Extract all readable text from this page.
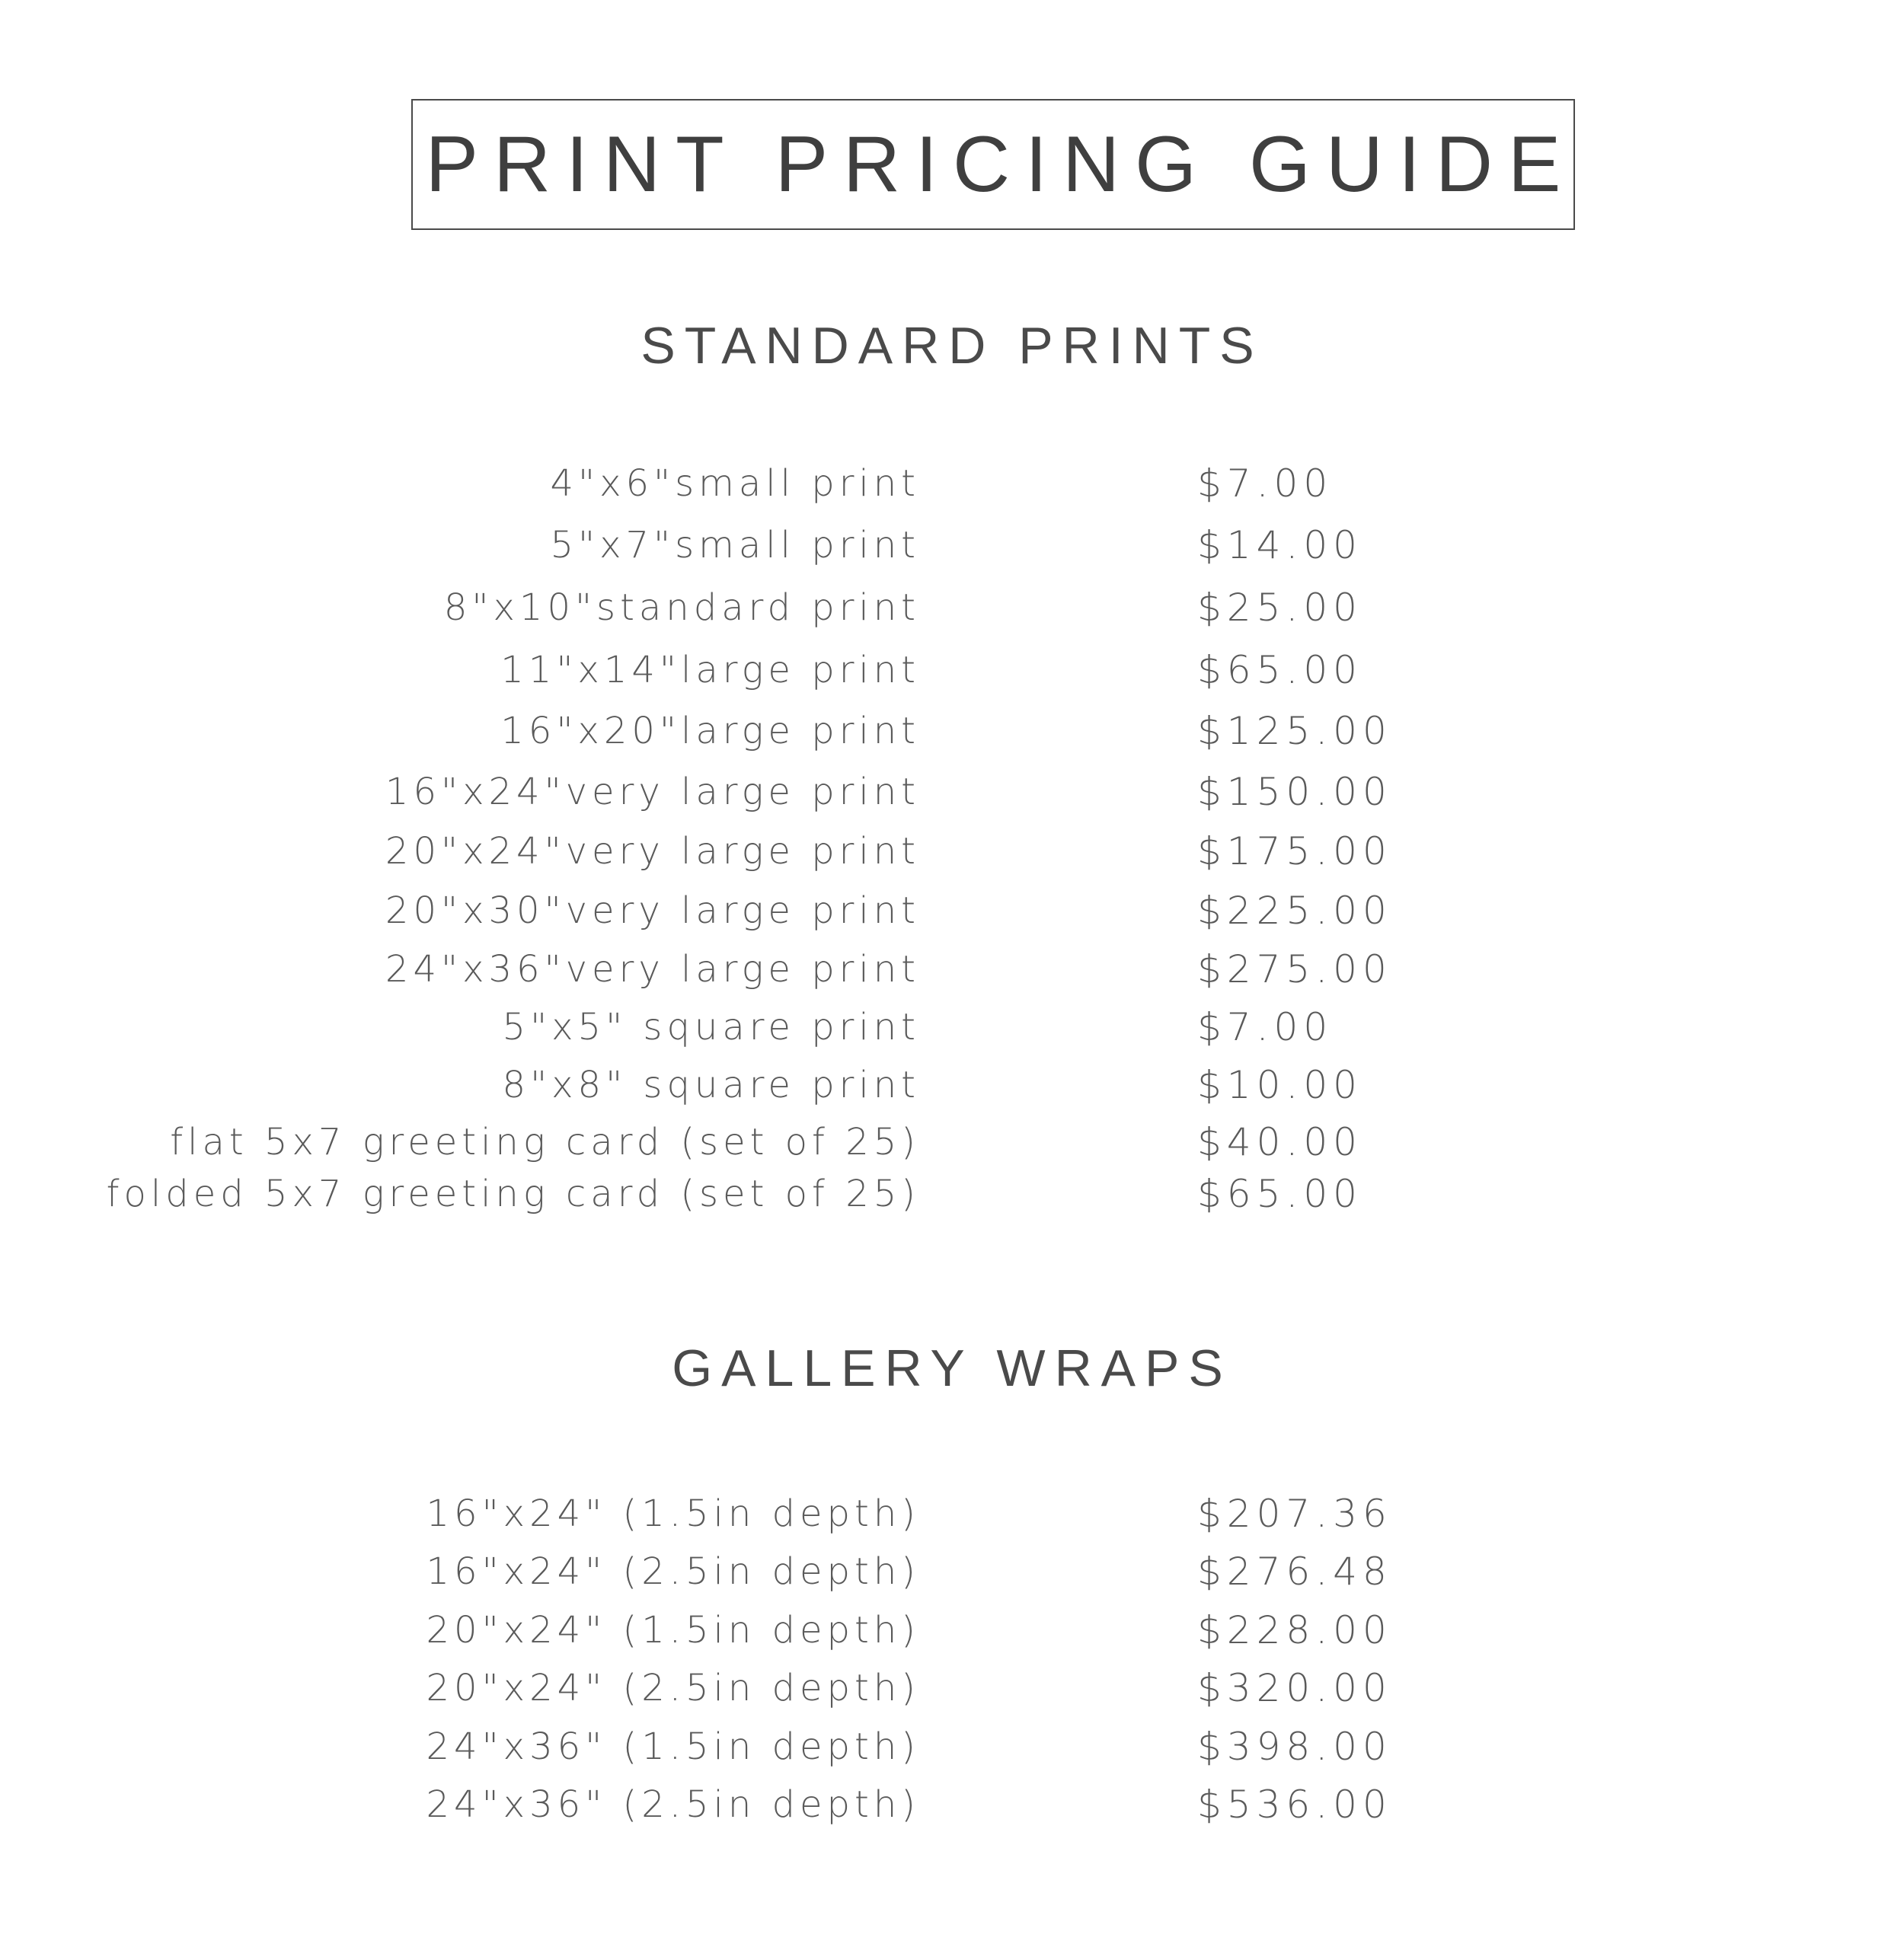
PRINT PRICING GUIDE
STANDARD PRINTS
4"x6"small print	$7.00
5"x7"small print	$14.00
8"x10"standard print	$25.00
11"x14"large print	$65.00
16"x20"large print	$125.00
16"x24"very large print	$150.00
20"x24"very large print	$175.00
20"x30"very large print	$225.00
24"x36"very large print	$275.00
5"x5" square print	$7.00
8"x8" square print	$10.00
flat 5x7 greeting card (set of 25)	$40.00
folded 5x7 greeting card (set of 25)	$65.00
GALLERY WRAPS
16"x24" (1.5in depth)	$207.36
16"x24" (2.5in depth)	$276.48
20"x24" (1.5in depth)	$228.00
20"x24" (2.5in depth)	$320.00
24"x36" (1.5in depth)	$398.00
24"x36" (2.5in depth)	$536.00
